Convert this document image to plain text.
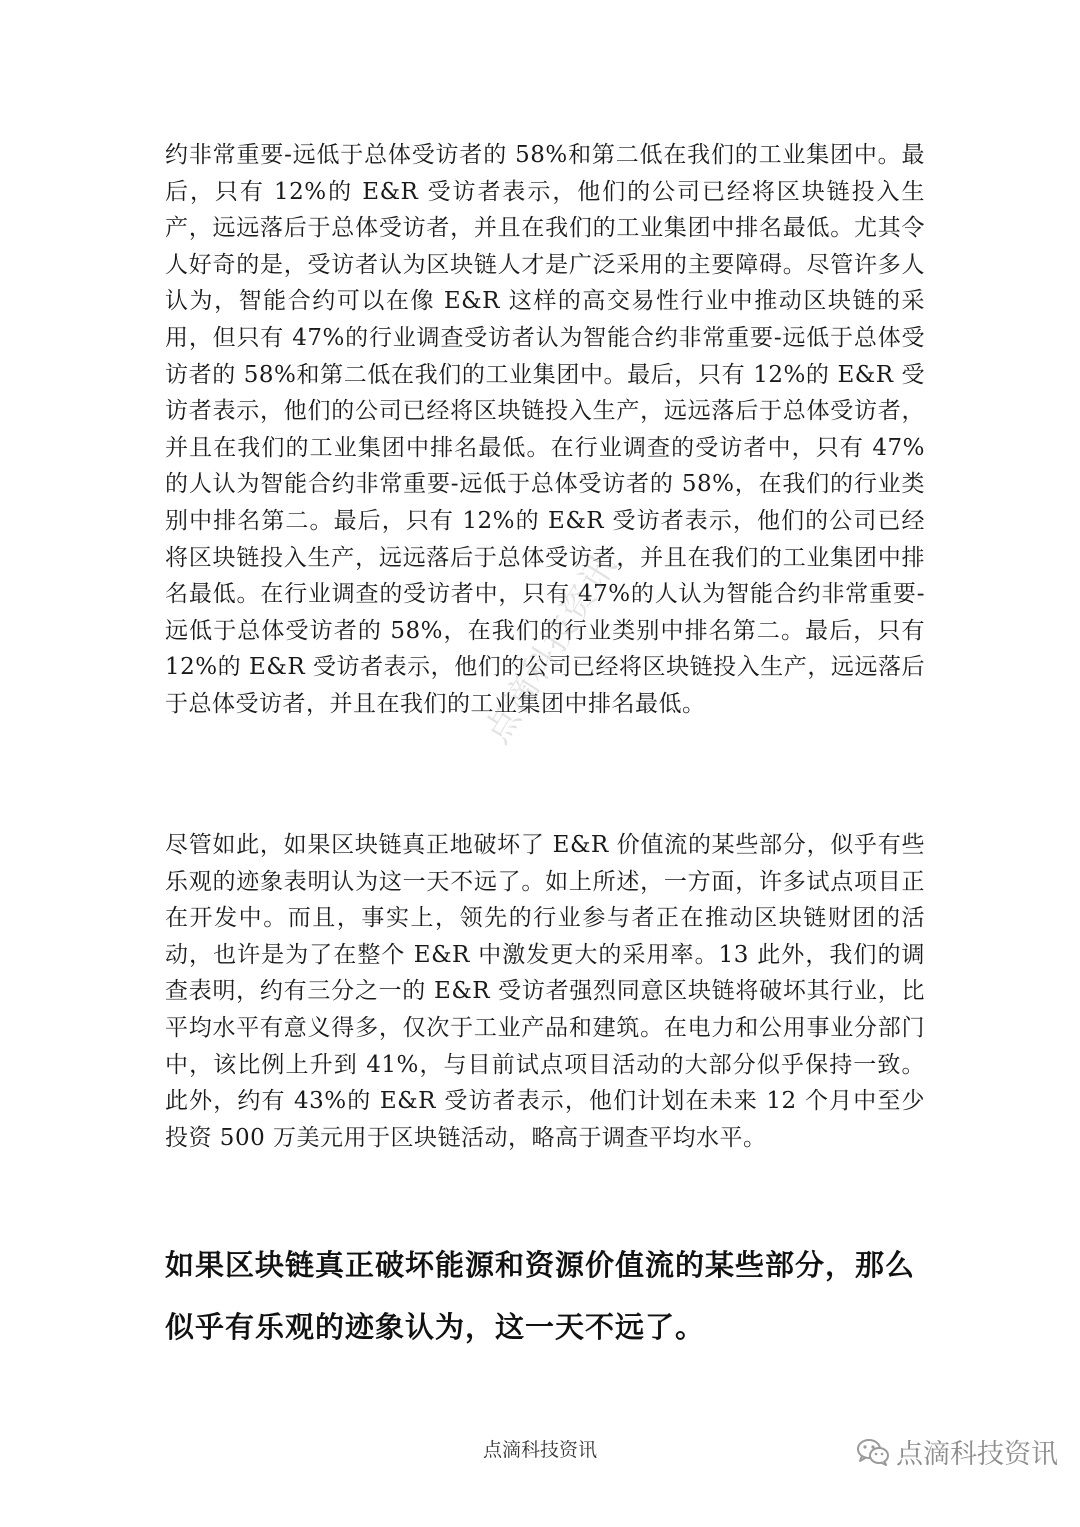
约非常重要-远低于总体受访者的 58%和第二低在我们的工业集团中。最后，只有 12%的 E&R 受访者表示，他们的公司已经将区块链投入生产，远远落后于总体受访者，并且在我们的工业集团中排名最低。尤其令人好奇的是，受访者认为区块链人才是广泛采用的主要障碍。尽管许多人认为，智能合约可以在像 E&R 这样的高交易性行业中推动区块链的采用，但只有 47%的行业调查受访者认为智能合约非常重要-远低于总体受访者的 58%和第二低在我们的工业集团中。最后，只有 12%的 E&R 受访者表示，他们的公司已经将区块链投入生产，远远落后于总体受访者，并且在我们的工业集团中排名最低。在行业调查的受访者中，只有 47%的人认为智能合约非常重要-远低于总体受访者的 58%，在我们的行业类别中排名第二。最后，只有 12%的 E&R 受访者表示，他们的公司已经将区块链投入生产，远远落后于总体受访者，并且在我们的工业集团中排名最低。在行业调查的受访者中，只有 47%的人认为智能合约非常重要-远低于总体受访者的 58%，在我们的行业类别中排名第二。最后，只有 12%的 E&R 受访者表示，他们的公司已经将区块链投入生产，远远落后于总体受访者，并且在我们的工业集团中排名最低。

尽管如此，如果区块链真正地破坏了 E&R 价值流的某些部分，似乎有些乐观的迹象表明认为这一天不远了。如上所述，一方面，许多试点项目正在开发中。而且，事实上，领先的行业参与者正在推动区块链财团的活动，也许是为了在整个 E&R 中激发更大的采用率。13 此外，我们的调查表明，约有三分之一的 E&R 受访者强烈同意区块链将破坏其行业，比平均水平有意义得多，仅次于工业产品和建筑。在电力和公用事业分部门中，该比例上升到 41%，与目前试点项目活动的大部分似乎保持一致。此外，约有 43%的 E&R 受访者表示，他们计划在未来 12 个月中至少投资 500 万美元用于区块链活动，略高于调查平均水平。

如果区块链真正破坏能源和资源价值流的某些部分，那么似乎有乐观的迹象认为，这一天不远了。
点滴科技资讯
点滴科技资讯	点滴科技资讯
